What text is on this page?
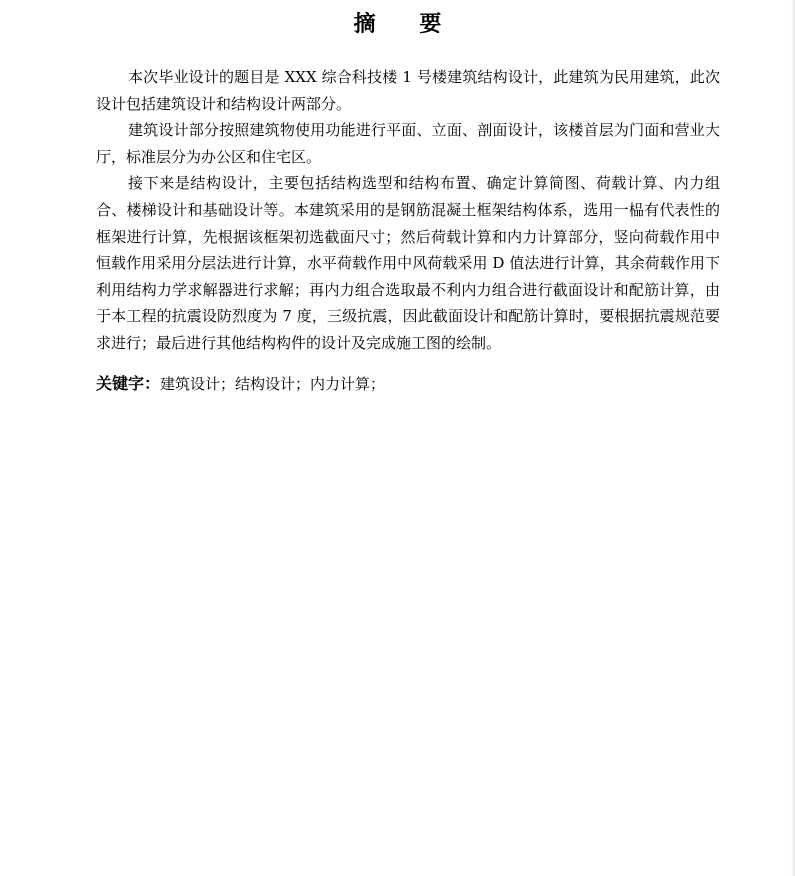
摘 要

本次毕业设计的题目是 XXX 综合科技楼 1 号楼建筑结构设计，此建筑为民用建筑，此次设计包括建筑设计和结构设计两部分。

建筑设计部分按照建筑物使用功能进行平面、立面、剖面设计，该楼首层为门面和营业大厅，标准层分为办公区和住宅区。

接下来是结构设计，主要包括结构选型和结构布置、确定计算简图、荷载计算、内力组合、楼梯设计和基础设计等。本建筑采用的是钢筋混凝土框架结构体系，选用一榀有代表性的框架进行计算，先根据该框架初选截面尺寸；然后荷载计算和内力计算部分，竖向荷载作用中恒载作用采用分层法进行计算，水平荷载作用中风荷载采用 D 值法进行计算，其余荷载作用下利用结构力学求解器进行求解；再内力组合选取最不利内力组合进行截面设计和配筋计算，由于本工程的抗震设防烈度为 7 度，三级抗震，因此截面设计和配筋计算时，要根据抗震规范要求进行；最后进行其他结构构件的设计及完成施工图的绘制。

关键字：建筑设计；结构设计；内力计算；
